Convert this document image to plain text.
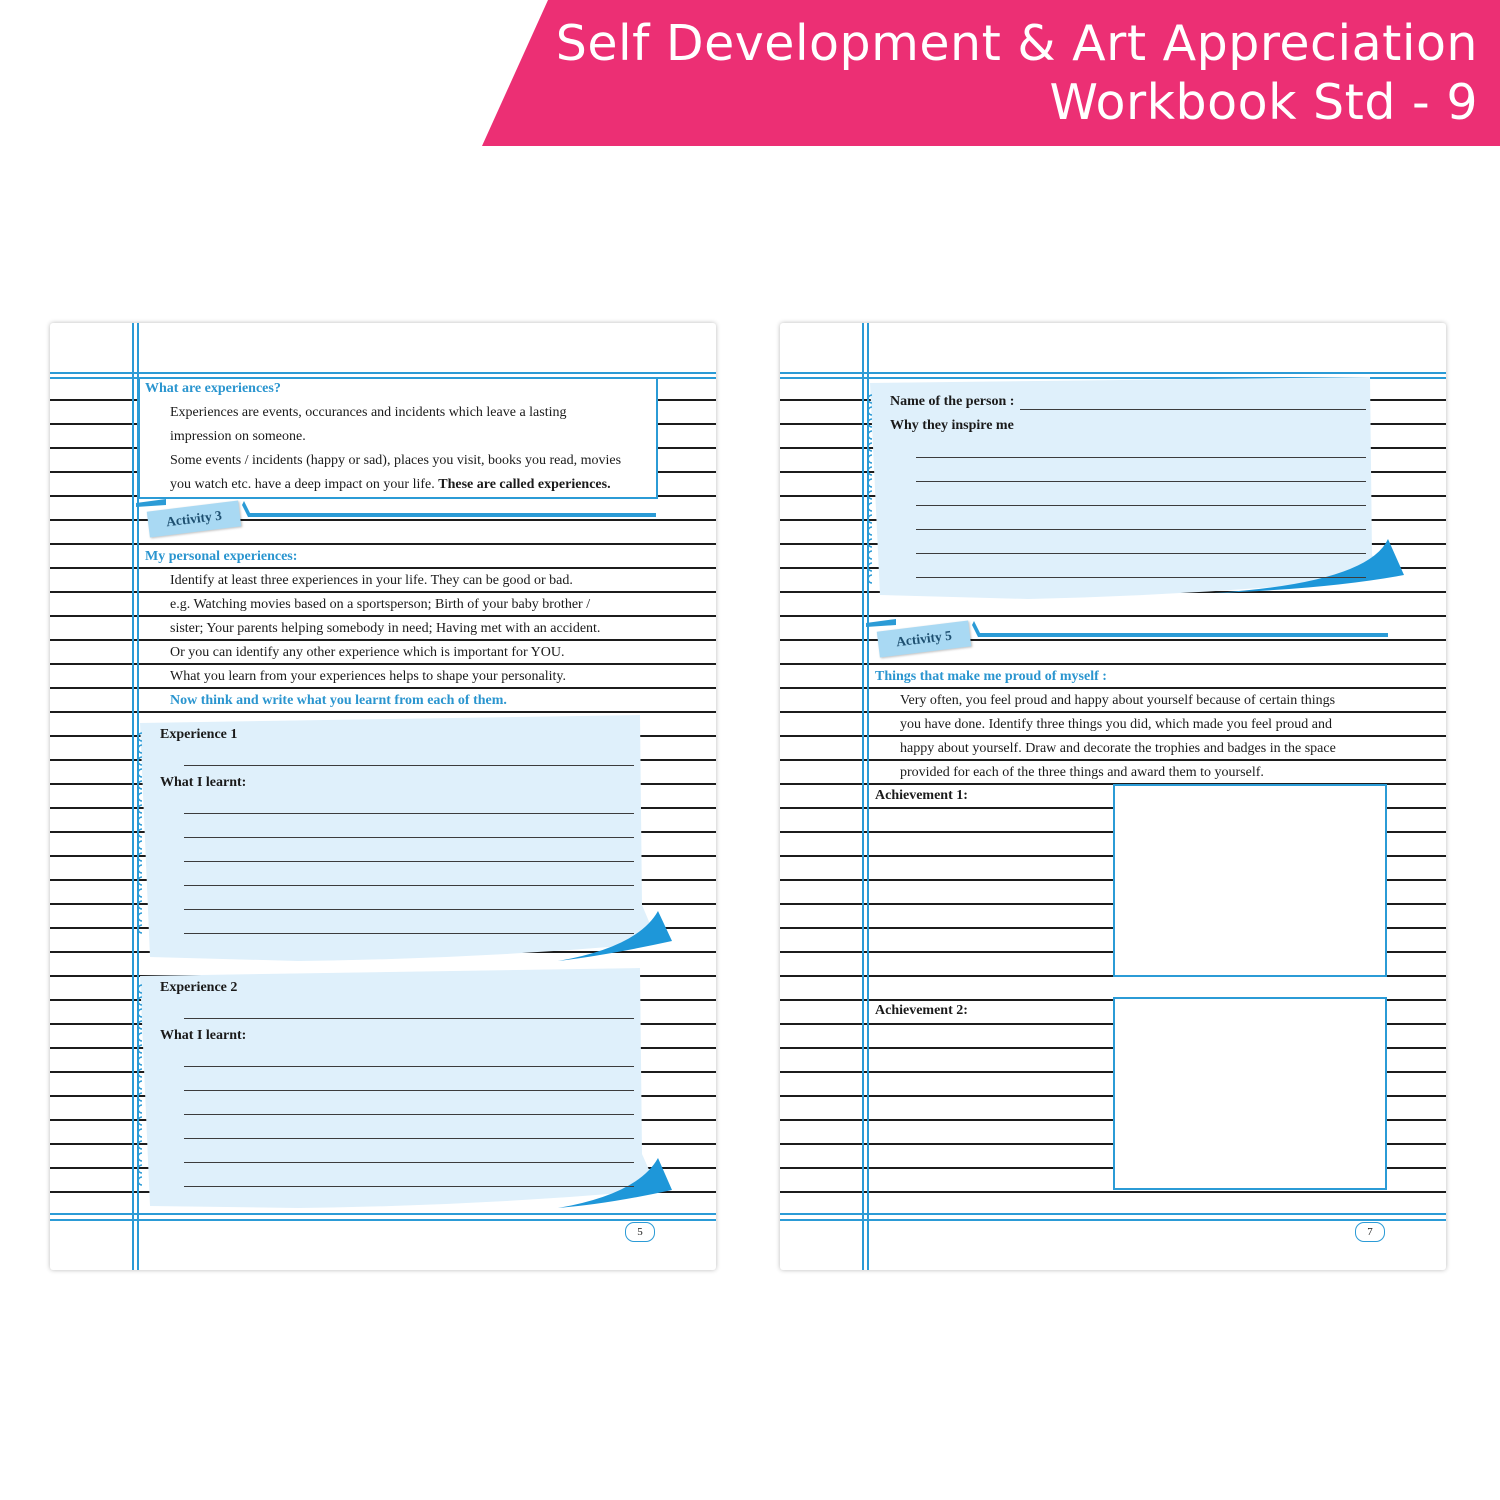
Self Development & Art Appreciation
Workbook Std - 9
What are experiences?
Experiences are events, occurances and incidents which leave a lasting
impression on someone.
Some events / incidents (happy or sad), places you visit, books you read, movies
you watch etc. have a deep impact on your life. These are called experiences.
Activity 3
My personal experiences:
Identify at least three experiences in your life. They can be good or bad.
e.g. Watching movies based on a sportsperson; Birth of your baby brother /
sister; Your parents helping somebody in need; Having met with an accident.
Or you can identify any other experience which is important for YOU.
What you learn from your experiences helps to shape your personality.
Now think and write what you learnt from each of them.
Experience 1
What I learnt:
Experience 2
What I learnt:
5
Name of the person :
Why they inspire me
Activity 5
Things that make me proud of myself :
Very often, you feel proud and happy about yourself because of certain things
you have done. Identify three things you did, which made you feel proud and
happy about yourself. Draw and decorate the trophies and badges in the space
provided for each of the three things and award them to yourself.
Achievement 1:
Achievement 2:
7
